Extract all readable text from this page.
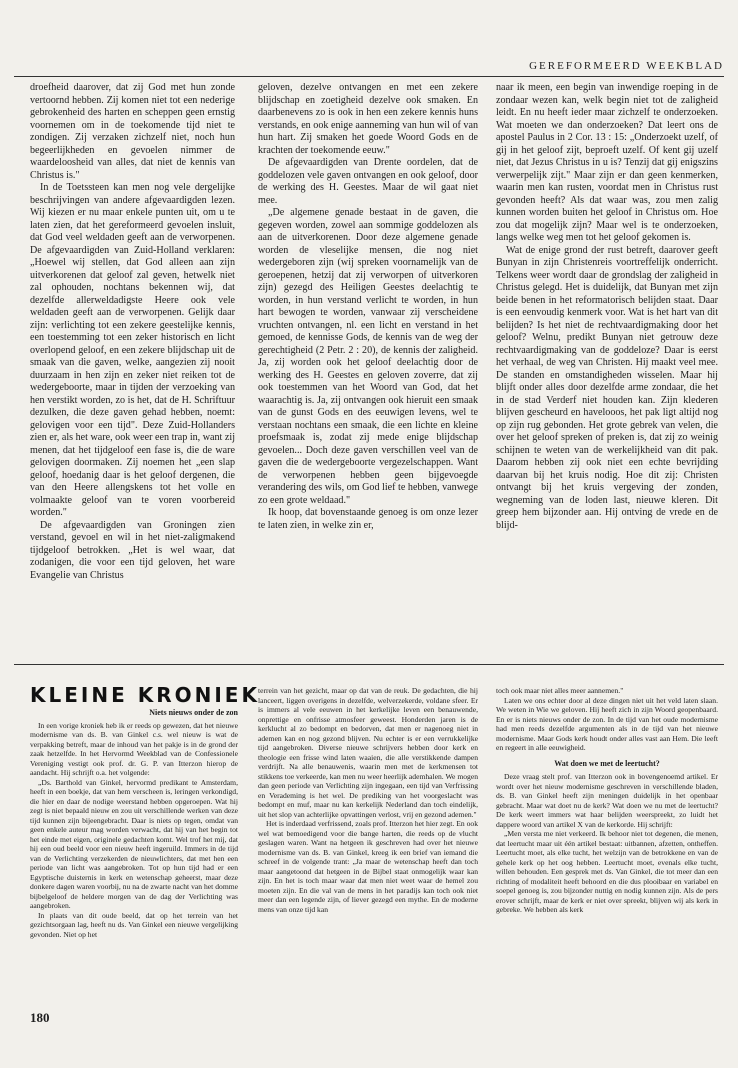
GEREFORMEERD WEEKBLAD

droefheid daarover, dat zij God met hun zonde vertoornd hebben. Zij komen niet tot een nederige gebrokenheid des harten en scheppen geen ernstig voornemen om in de toekomende tijd niet te zondigen. Zij verzaken zichzelf niet, noch hun begeerlijkheden en gevoelen nimmer de waardeloosheid van alles, dat niet de kennis van Christus is."

In de Toetssteen kan men nog vele dergelijke beschrijvingen van andere afgevaardigden lezen. Wij kiezen er nu maar enkele punten uit, om u te laten zien, dat het gereformeerd gevoelen insluit, dat God veel weldaden geeft aan de verworpenen. De afgevaardigden van Zuid-Holland verklaren: „Hoewel wij stellen, dat God alleen aan zijn uitverkorenen dat geloof zal geven, hetwelk niet zal ophouden, nochtans bekennen wij, dat dezelfde allerweldadigste Heere ook vele weldaden geeft aan de verworpenen. Gelijk daar zijn: verlichting tot een zekere geestelijke kennis, een toestemming tot een zeker historisch en licht overlopend geloof, en een zekere blijdschap uit de smaak van die gaven, welke, aangezien zij nooit duurzaam in hen zijn en zeker niet reiken tot de wedergeboorte, maar in tijden der verzoeking van hen verstikt worden, zo is het, dat de H. Schriftuur dezulken, die deze gaven gehad hebben, noemt: gelovigen voor een tijd". Deze Zuid-Hollanders zien er, als het ware, ook weer een trap in, want zij menen, dat het tijdgeloof een fase is, die de ware gelovigen doormaken. Zij noemen het „een slap geloof, hoedanig daar is het geloof dergenen, die van den Heere allengskens tot het volle en volmaakte geloof van te voren voorbereid worden."

De afgevaardigden van Groningen zien verstand, gevoel en wil in het niet-zaligmakend tijdgeloof betrokken. „Het is wel waar, dat zodanigen, die voor een tijd geloven, het ware Evangelie van Christus

geloven, dezelve ontvangen en met een zekere blijdschap en zoetigheid dezelve ook smaken. En daarbenevens zo is ook in hen een zekere kennis huns verstands, en ook enige aanneming van hun wil of van hun hart. Zij smaken het goede Woord Gods en de krachten der toekomende eeuw."

De afgevaardigden van Drente oordelen, dat de goddelozen vele gaven ontvangen en ook geloof, door de werking des H. Geestes. Maar de wil gaat niet mee.

„De algemene genade bestaat in de gaven, die gegeven worden, zowel aan sommige goddelozen als aan de uitverkorenen. Door deze algemene genade worden de vleselijke mensen, die nog niet wedergeboren zijn (wij spreken voornamelijk van de geroepenen, hetzij dat zij verworpen of uitverkoren zijn) gezegd des Heiligen Geestes deelachtig te worden, in hun verstand verlicht te worden, in hun hart bewogen te worden, vanwaar zij verscheidene vruchten ontvangen, nl. een licht en verstand in het gemoed, de kennisse Gods, de kennis van de weg der gerechtigheid (2 Petr. 2 : 20), de kennis der zaligheid. Ja, zij worden ook het geloof deelachtig door de werking des H. Geestes en geloven zoverre, dat zij ook toestemmen van het Woord van God, dat het waarachtig is. Ja, zij ontvangen ook hieruit een smaak van de gunst Gods en des eeuwigen levens, wel te verstaan nochtans een smaak, die een lichte en kleine proefsmaak is, zodat zij mede enige blijdschap gevoelen... Doch deze gaven verschillen veel van de gaven die de wedergeboorte vergezelschappen. Want de verworpenen hebben geen bijgevoegde verandering des wils, om God lief te hebben, vanwege zo een grote weldaad."

Ik hoop, dat bovenstaande genoeg is om onze lezer te laten zien, in welke zin er,

naar ik meen, een begin van inwendige roeping in de zondaar wezen kan, welk begin niet tot de zaligheid leidt. En nu heeft ieder maar zichzelf te onderzoeken. Wat moeten we dan onderzoeken? Dat leert ons de apostel Paulus in 2 Cor. 13 : 15: „Onderzoekt uzelf, of gij in het geloof zijt, beproeft uzelf. Of kent gij uzelf niet, dat Jezus Christus in u is? Tenzij dat gij enigszins verwerpelijk zijt." Maar zijn er dan geen kenmerken, waarin men kan rusten, voordat men in Christus rust gevonden heeft? Als dat waar was, zou men zalig kunnen worden buiten het geloof in Christus om. Hoe zou dat mogelijk zijn? Maar wel is te onderzoeken, langs welke weg men tot het geloof gekomen is.

Wat de enige grond der rust betreft, daarover geeft Bunyan in zijn Christenreis voortreffelijk onderricht. Telkens weer wordt daar de grondslag der zaligheid in Christus gelegd. Het is duidelijk, dat Bunyan met zijn beide benen in het reformatorisch belijden staat. Daar is een eenvoudig kenmerk voor. Wat is het hart van dit belijden? Is het niet de rechtvaardigmaking door het geloof? Welnu, predikt Bunyan niet getrouw deze rechtvaardigmaking van de goddeloze? Daar is eerst het verhaal, de weg van Christen. Hij maakt veel mee. De standen en omstandigheden wisselen. Maar hij blijft onder alles door dezelfde arme zondaar, die het in de stad Verderf niet houden kan. Zijn klederen blijven gescheurd en havelooos, het pak ligt altijd nog op zijn rug gebonden. Het grote gebrek van velen, die over het geloof spreken of preken is, dat zij zo weinig schijnen te weten van de werkelijkheid van dit pak. Daarom hebben zij ook niet een echte bevrijding daarvan bij het kruis nodig. Hoe dit zij: Christen ontvangt bij het kruis vergeving der zonden, wegneming van de loden last, nieuwe kleren. Dit greep hem bijzonder aan. Hij ontving de vrede en de blijd-

KLEINE KRONIEK

Niets nieuws onder de zon

In een vorige kroniek heb ik er reeds op gewezen, dat het nieuwe modernisme van ds. B. van Ginkel c.s. wel nieuw is wat de verpakking betreft, maar de inhoud van het pakje is in de grond der zaak hetzelfde. In het Hervormd Weekblad van de Confessionele Vereniging vestigt ook prof. dr. G. P. van Itterzon hierop de aandacht. Hij schrijft o.a. het volgende:

„Ds. Barthold van Ginkel, hervormd predikant te Amsterdam, heeft in een boekje, dat van hem verscheen is, leringen verkondigd, die hier en daar de nodige weerstand hebben opgeroepen. Wat hij zegt is niet bepaald nieuw en zou uit verschillende werken van deze tijd kunnen zijn bijeengebracht. Daar is niets op tegen, omdat van geen enkele auteur mag worden verwacht, dat hij van het begin tot het einde met eigen, originele gedachten komt. Wel trof het mij, dat hij een oud beeld voor een nieuw heeft ingeruild. Immers in de tijd van de Verlichting verzekerden de nieuwlichters, dat met hen een periode van licht was aangebroken. Tot op hun tijd had er een Egyptische duisternis in kerk en wetenschap geheerst, maar deze donkere dagen waren voorbij, nu na de zwarte nacht van het domme bijbelgeloof de heldere morgen van de dag der Verlichting was aangebroken.

In plaats van dit oude beeld, dat op het terrein van het gezichtsorgaan lag, heeft nu ds. Van Ginkel een nieuwe vergelijking gevonden. Niet op het

terrein van het gezicht, maar op dat van de reuk. De gedachten, die hij lanceert, liggen overigens in dezelfde, welverzekerde, voldane sfeer. Er is immers al vele eeuwen in het kerkelijke leven een benauwende, onprettige en onfrisse atmosfeer geweest. Honderden jaren is de kerklucht al zo bedompt en bedorven, dat men er nagenoeg niet in ademen kan en nog gezond blijven. Nu echter is er een verrukkelijke tijd aangebroken. Diverse nieuwe schrijvers hebben door kerk en theologie een frisse wind laten waaien, die alle verstikkende dampen verdrijft. Na alle benauwenis, waarin men met de kerkmensen tot stikkens toe verkeerde, kan men nu weer heerlijk ademhalen. We mogen dan geen periode van Verlichting zijn ingegaan, een tijd van Verfrissing en Verademing is het wel. De prediking van het voorgeslacht was bedompt en muf, maar nu kan kerkelijk Nederland dan toch eindelijk, uit het slop van achterlijke opvattingen verlost, vrij en gezond ademen."

Het is inderdaad verfrissend, zoals prof. Itterzon het hier zegt. En ook wel wat bemoedigend voor die bange harten, die reeds op de vlucht geslagen waren. Want na hetgeen ik geschreven had over het nieuwe modernisme van ds. B. van Ginkel, kreeg ik een brief van iemand die schreef in de volgende trant: „Ja maar de wetenschap heeft dan toch maar aangetoond dat hetgeen in de Bijbel staat onmogelijk waar kan zijn. En het is toch maar waar dat men niet weet waar de hemel zou moeten zijn. En die val van de mens in het paradijs kan toch ook niet meer dan een legende zijn, of liever gezegd een mythe. En de moderne mens van onze tijd kan

toch ook maar niet alles meer aannemen."

Laten we ons echter door al deze dingen niet uit het veld laten slaan. We weten in Wie we geloven. Hij heeft zich in zijn Woord geopenbaard. En er is niets nieuws onder de zon. In de tijd van het oude modernisme had men reeds dezelfde argumenten als in de tijd van het nieuwe modernisme. Maar Gods kerk houdt onder alles vast aan Hem. Die leeft en regeert in alle eeuwigheid.

Wat doen we met de leertucht?

Deze vraag stelt prof. van Itterzon ook in bovengenoemd artikel. Er wordt over het nieuw modernisme geschreven in verschillende bladen, ds. B. van Ginkel heeft zijn meningen duidelijk in het openbaar gebracht. Maar wat doet nu de kerk? Wat doen we nu met de leertucht? De kerk weert immers wat haar belijden weerspreekt, zo luidt het dappere woord van artikel X van de kerkorde. Hij schrijft:

„Men versta me niet verkeerd. Ik behoor niet tot degenen, die menen, dat leertucht maar uit één artikel bestaat: uitbannen, afzetten, ontheffen. Leertucht moet, als elke tucht, het welzijn van de betrokkene en van de gehele kerk op het oog hebben. Leertucht moet, evenals elke tucht, willen behouden. Een gesprek met ds. Van Ginkel, die tot meer dan een richting of modaliteit heeft behoord en die dus plooibaar en variabel en soepel genoeg is, zou bijzonder nuttig en nodig kunnen zijn. Als de pers erover schrijft, maar de kerk er niet over spreekt, blijven wij als kerk in gebreke. We hebben als kerk

180
